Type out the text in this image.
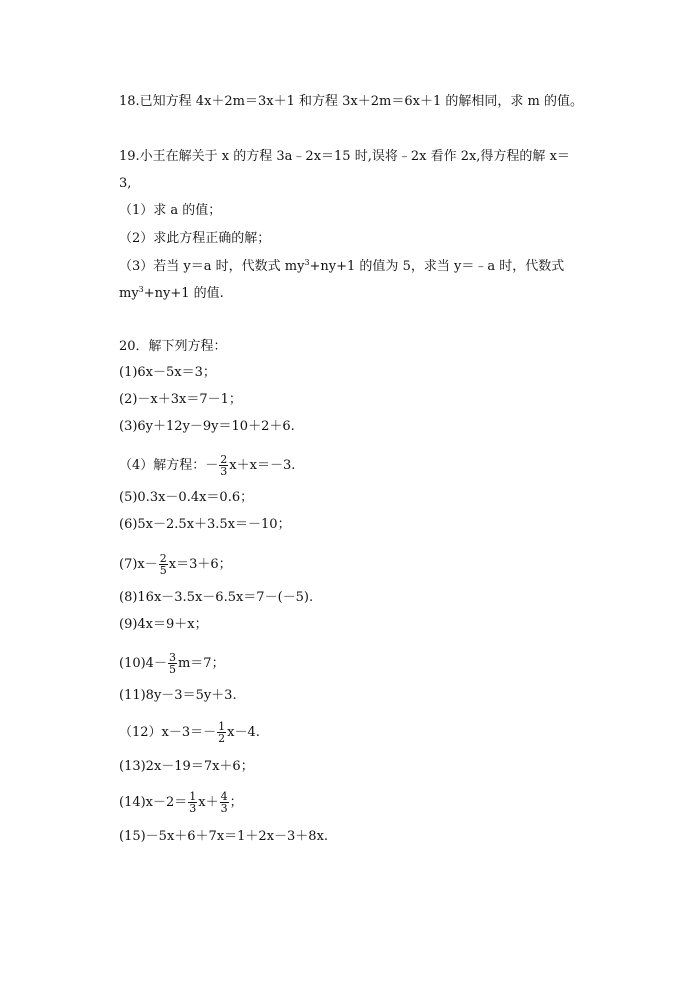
18.已知方程 4x＋2m＝3x＋1 和方程 3x＋2m＝6x＋1 的解相同，求 m 的值。
19.小王在解关于 x 的方程 3a﹣2x＝15 时,误将﹣2x 看作 2x,得方程的解 x＝
3,
（1）求 a 的值；
（2）求此方程正确的解；
（3）若当 y＝a 时，代数式 $my^3+ny+1$ 的值为 5，求当 y＝﹣a 时，代数式
$my^3+ny+1$ 的值.
20．解下列方程：
(1)6x－5x＝3；
(2)－x＋3x＝7－1；
(3)6y＋12y－9y＝10＋2＋6.
（4）解方程：－ $\frac{2}{3} x+x=-3$.
(5)0.3x－0.4x＝0.6；
(6)5x－2.5x＋3.5x＝－10；
$(7)x- \frac{2}{5} x=3+6$；
(8)16x－3.5x－6.5x＝7－(－5).
(9)4x＝9＋x；
$(10)4- \frac{3}{5} m=7$；
(11)8y－3＝5y＋3.
$(12)x-3=- \frac{1}{2} x-4$.
(13)2x－19＝7x＋6；
$(14)x-2= \frac{1}{3} x+ \frac{4}{3}$ ；
(15)－5x＋6＋7x＝1＋2x－3＋8x.
